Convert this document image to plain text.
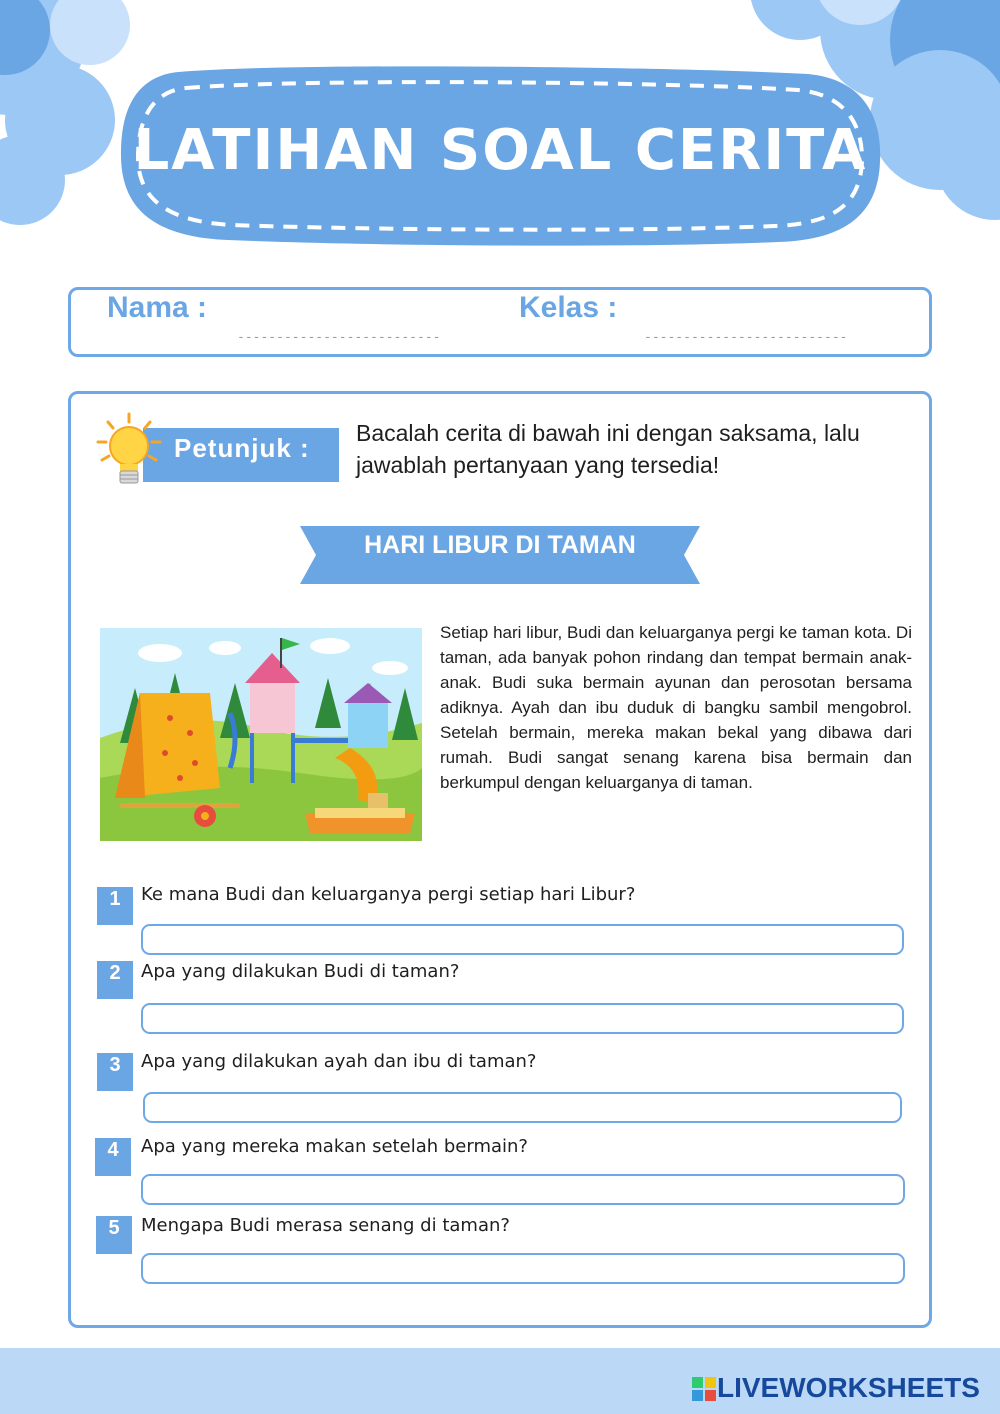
LATIHAN SOAL CERITA
Nama :
--------------------------
Kelas :
--------------------------
Petunjuk : Bacalah cerita di bawah ini dengan saksama, lalu jawablah pertanyaan yang tersedia!
HARI LIBUR DI TAMAN
Setiap hari libur, Budi dan keluarganya pergi ke taman kota. Di taman, ada banyak pohon rindang dan tempat bermain anak-anak. Budi suka bermain ayunan dan perosotan bersama adiknya. Ayah dan ibu duduk di bangku sambil mengobrol. Setelah bermain, mereka makan bekal yang dibawa dari rumah. Budi sangat senang karena bisa bermain dan berkumpul dengan keluarganya di taman.
1	Ke mana Budi dan keluarganya pergi setiap hari Libur?
2	Apa yang dilakukan Budi di taman?
3	Apa yang dilakukan ayah dan ibu di taman?
4	Apa yang mereka makan setelah bermain?
5	Mengapa Budi merasa senang di taman?
LIVEWORKSHEETS
